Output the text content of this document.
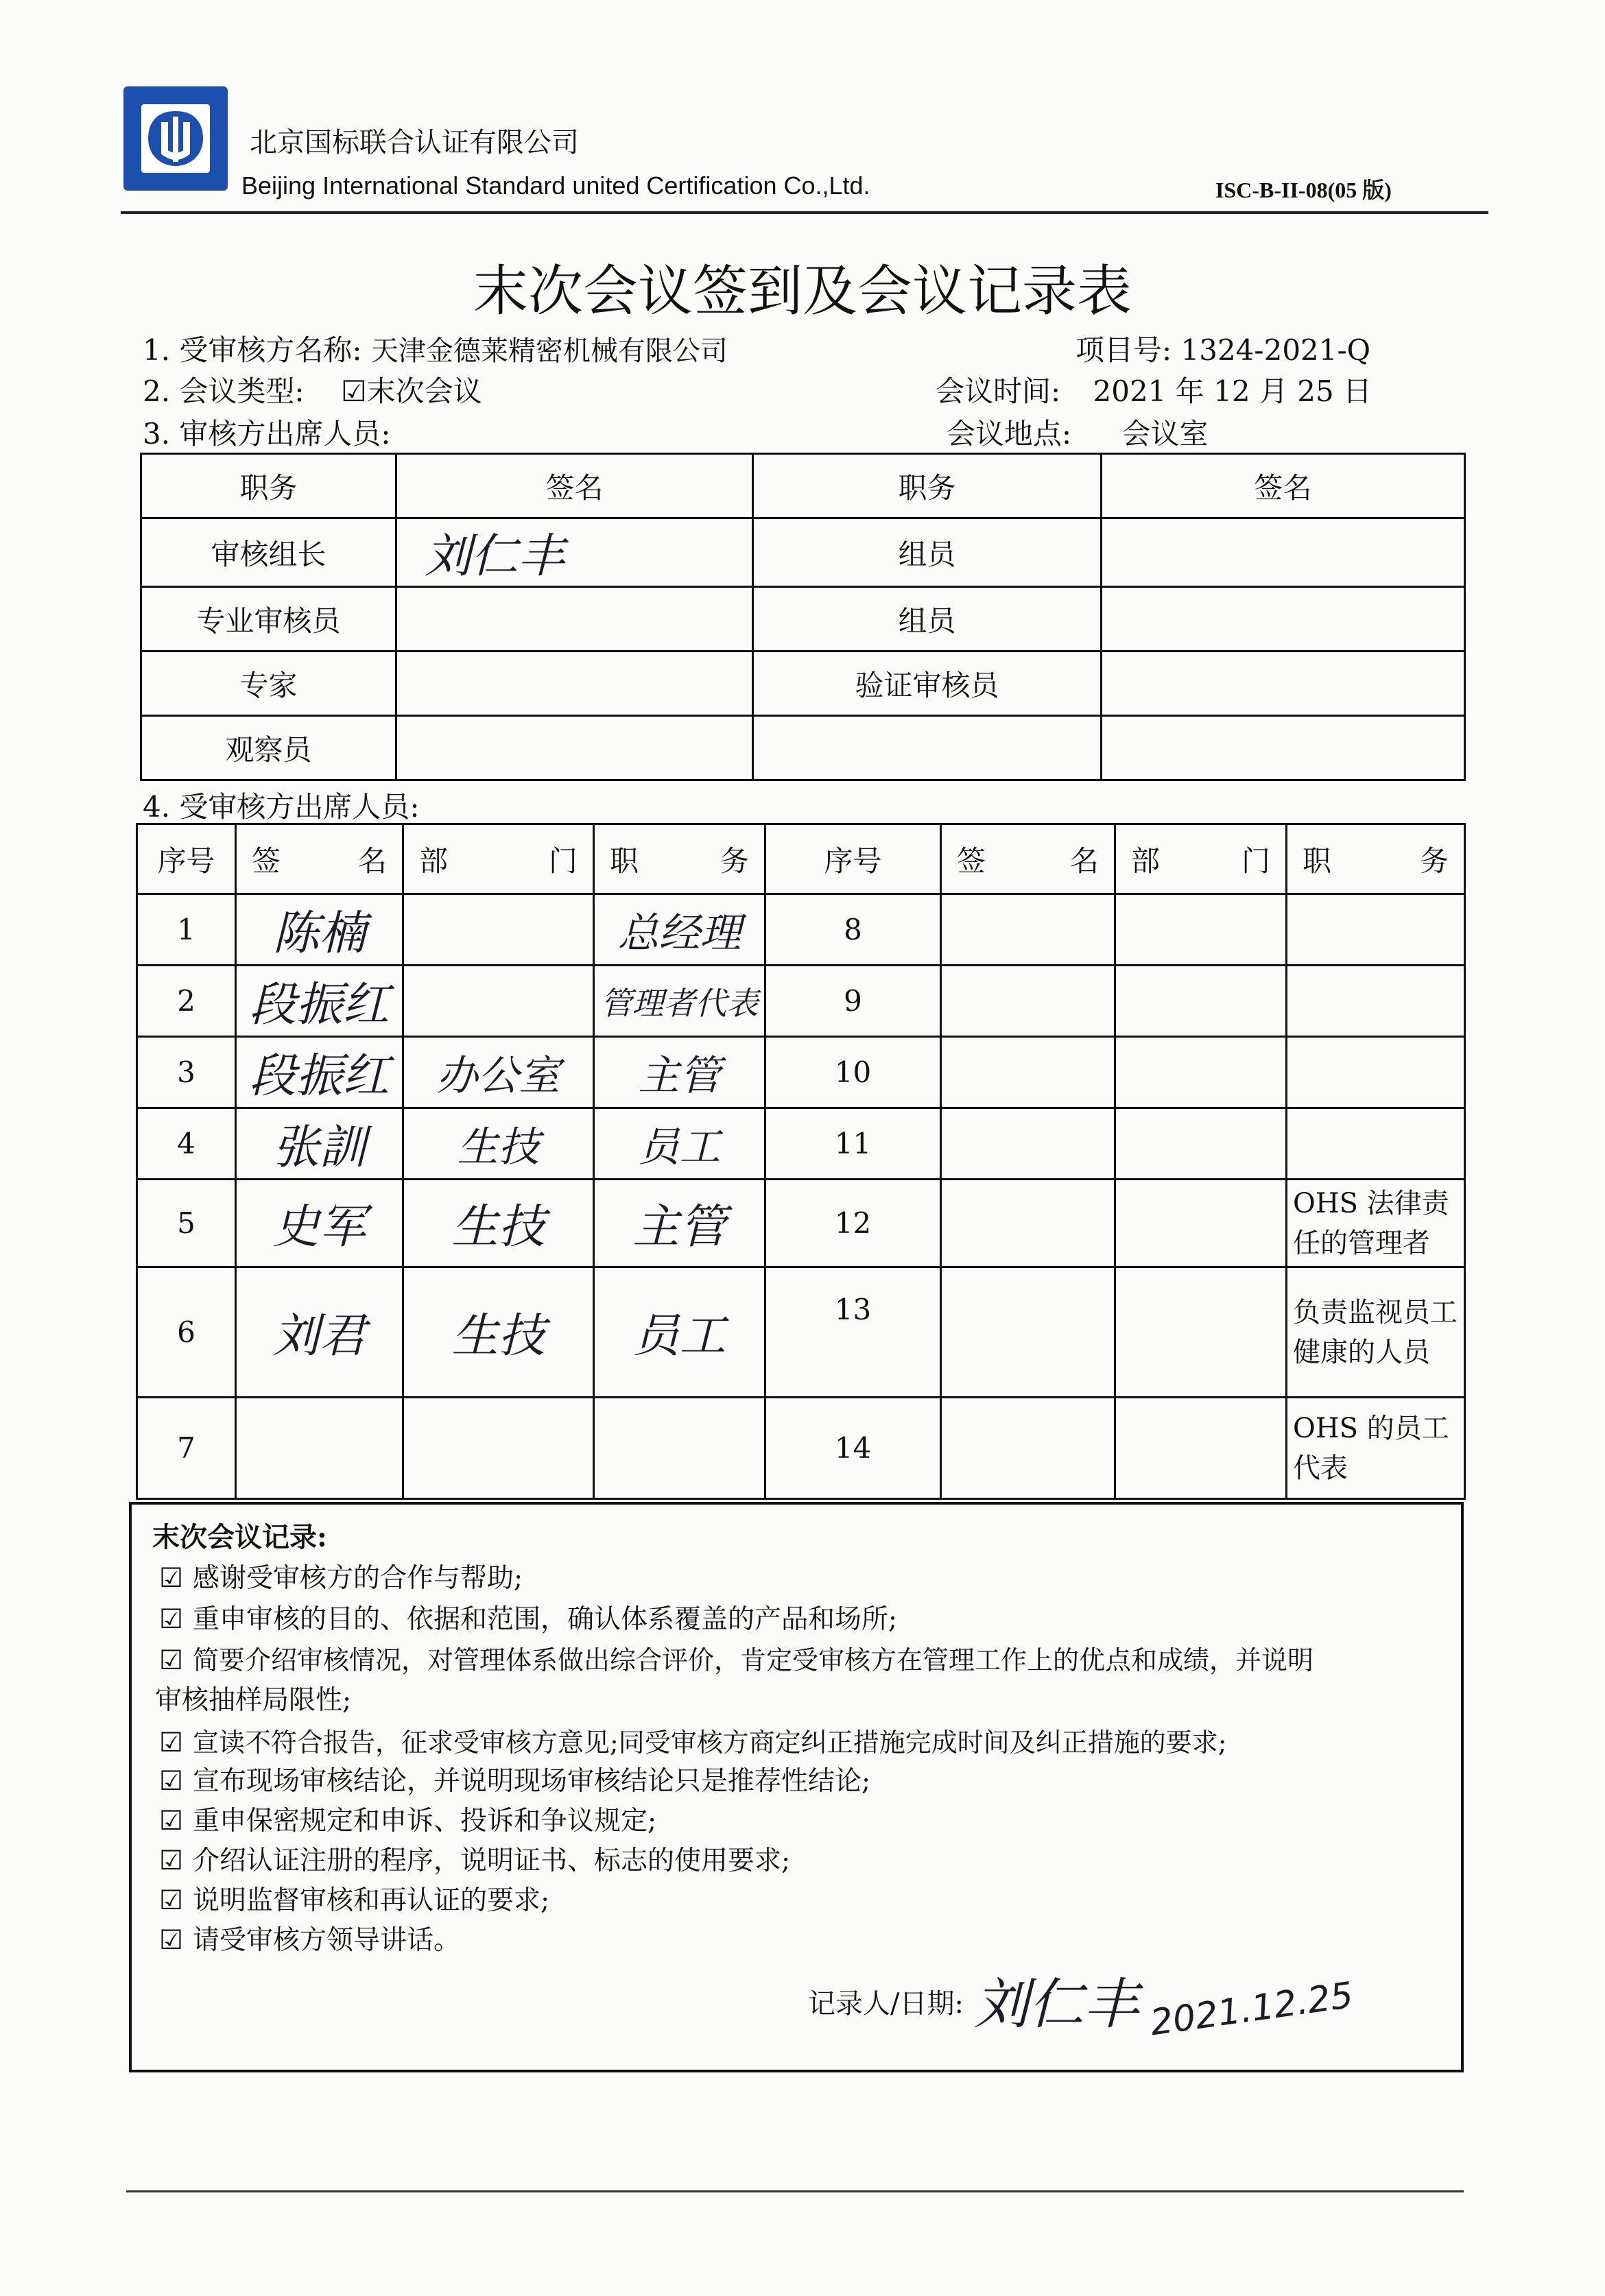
北京国标联合认证有限公司
Beijing International Standard united Certification Co.,Ltd.	ISC-B-II-08(05 版)
末次会议签到及会议记录表
1. 受审核方名称: 天津金德莱精密机械有限公司	项目号: 1324-2021-Q
2. 会议类型: ☑末次会议	会议时间: 2021 年 12 月 25 日
3. 审核方出席人员:	会议地点: 会议室
职务	签名	职务	签名
审核组长	刘仁丰	组员	
专业审核员		组员	
专家		验证审核员	
观察员			
4. 受审核方出席人员:
序号	签 名	部 门	职 务	序号	签 名	部 门	职 务

1	陈楠		总经理	8			
2	段振红		管理者代表	9			
3	段振红	办公室	主管	10			
4	张訓	生技	员工	11			
5	史军	生技	主管	12			OHS 法律责任的管理者
6	刘君	生技	员工	13			负责监视员工健康的人员
7				14			OHS 的员工代表
末次会议记录:
☑ 感谢受审核方的合作与帮助;
☑ 重申审核的目的、依据和范围，确认体系覆盖的产品和场所;
☑ 简要介绍审核情况，对管理体系做出综合评价，肯定受审核方在管理工作上的优点和成绩，并说明
审核抽样局限性;
☑ 宣读不符合报告，征求受审核方意见;同受审核方商定纠正措施完成时间及纠正措施的要求;
☑ 宣布现场审核结论，并说明现场审核结论只是推荐性结论;
☑ 重申保密规定和申诉、投诉和争议规定;
☑ 介绍认证注册的程序，说明证书、标志的使用要求;
☑ 说明监督审核和再认证的要求;
☑ 请受审核方领导讲话。
记录人/日期: 刘仁丰 2021.12.25
